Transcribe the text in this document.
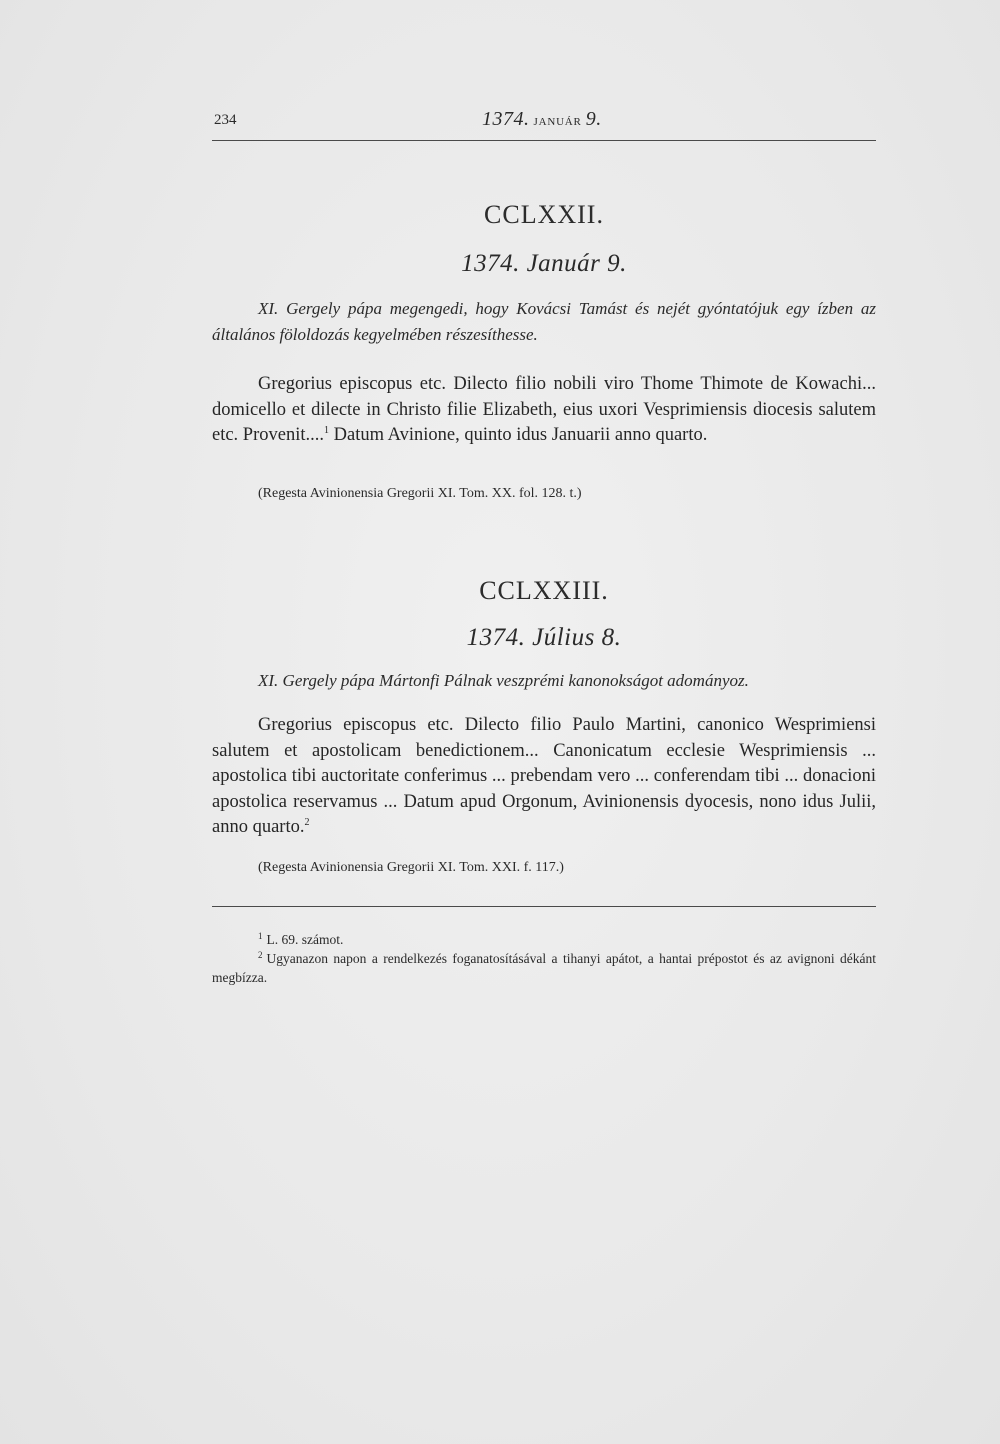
234	1374. JANUÁR 9.
CCLXXII.
1374. Január 9.
XI. Gergely pápa megengedi, hogy Kovácsi Tamást és nejét gyóntatójuk egy ízben az általános föloldozás kegyelmében részesíthesse.
Gregorius episcopus etc. Dilecto filio nobili viro Thome Thimote de Kowachi... domicello et dilecte in Christo filie Elizabeth, eius uxori Vesprimiensis diocesis salutem etc. Provenit....$^1$ Datum Avinione, quinto idus Januarii anno quarto.
(Regesta Avinionensia Gregorii XI. Tom. XX. fol. 128. t.)
CCLXXIII.
1374. Július 8.
XI. Gergely pápa Mártonfi Pálnak veszprémi kanonokságot adományoz.
Gregorius episcopus etc. Dilecto filio Paulo Martini, canonico Wesprimiensi salutem et apostolicam benedictionem... Canonicatum ecclesie Wesprimiensis ... apostolica tibi auctoritate conferimus ... prebendam vero ... conferendam tibi ... donacioni apostolica reservamus ... Datum apud Orgonum, Avinionensis dyocesis, nono idus Julii, anno quarto.$^2$
(Regesta Avinionensia Gregorii XI. Tom. XXI. f. 117.)
$^1$ L. 69. számot.
$^2$ Ugyanazon napon a rendelkezés foganatosításával a tihanyi apátot, a hantai prépostot és az avignoni dékánt megbízza.
